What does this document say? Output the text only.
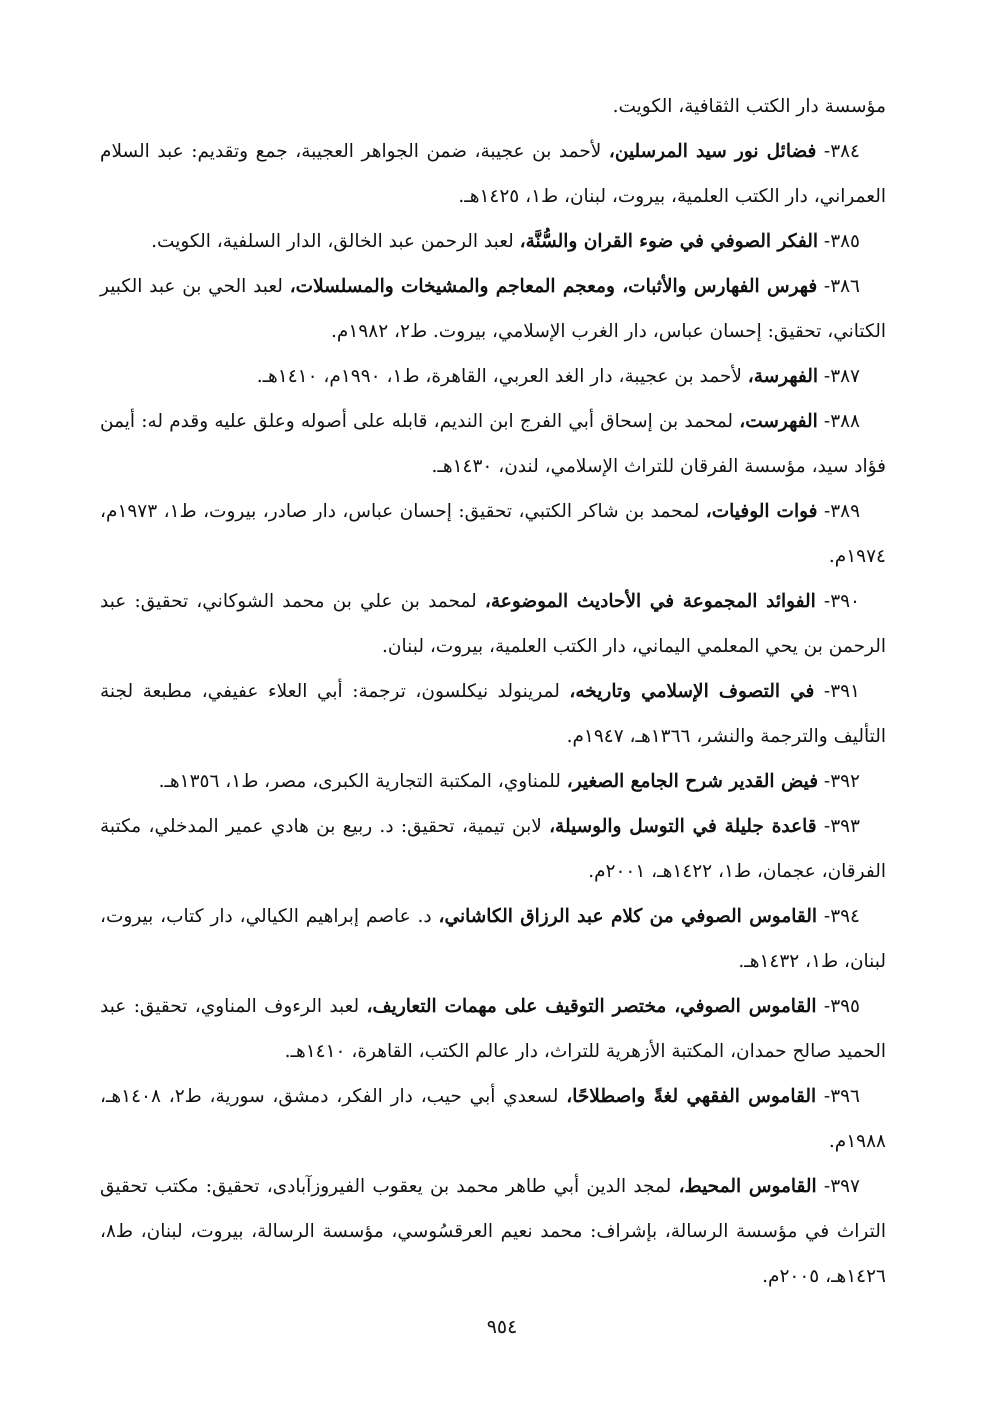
مؤسسة دار الكتب الثقافية، الكويت.

٣٨٤- فضائل نور سيد المرسلين، لأحمد بن عجيبة، ضمن الجواهر العجيبة، جمع وتقديم: عبد السلام العمراني، دار الكتب العلمية، بيروت، لبنان، ط١، ١٤٢٥هـ.

٣٨٥- الفكر الصوفي في ضوء القران والسُّنَّة، لعبد الرحمن عبد الخالق، الدار السلفية، الكويت.

٣٨٦- فهرس الفهارس والأثبات، ومعجم المعاجم والمشيخات والمسلسلات، لعبد الحي بن عبد الكبير الكتاني، تحقيق: إحسان عباس، دار الغرب الإسلامي، بيروت. ط٢، ١٩٨٢م.

٣٨٧- الفهرسة، لأحمد بن عجيبة، دار الغد العربي، القاهرة، ط١، ١٩٩٠م، ١٤١٠هـ.

٣٨٨- الفهرست، لمحمد بن إسحاق أبي الفرج ابن النديم، قابله على أصوله وعلق عليه وقدم له: أيمن فؤاد سيد، مؤسسة الفرقان للتراث الإسلامي، لندن، ١٤٣٠هـ.

٣٨٩- فوات الوفيات، لمحمد بن شاكر الكتبي، تحقيق: إحسان عباس، دار صادر، بيروت، ط١، ١٩٧٣م، ١٩٧٤م.

٣٩٠- الفوائد المجموعة في الأحاديث الموضوعة، لمحمد بن علي بن محمد الشوكاني، تحقيق: عبد الرحمن بن يحي المعلمي اليماني، دار الكتب العلمية، بيروت، لبنان.

٣٩١- في التصوف الإسلامي وتاريخه، لمرينولد نيكلسون، ترجمة: أبي العلاء عفيفي، مطبعة لجنة التأليف والترجمة والنشر، ١٣٦٦هـ، ١٩٤٧م.

٣٩٢- فيض القدير شرح الجامع الصغير، للمناوي، المكتبة التجارية الكبرى، مصر، ط١، ١٣٥٦هـ.

٣٩٣- قاعدة جليلة في التوسل والوسيلة، لابن تيمية، تحقيق: د. ربيع بن هادي عمير المدخلي، مكتبة الفرقان، عجمان، ط١، ١٤٢٢هـ، ٢٠٠١م.

٣٩٤- القاموس الصوفي من كلام عبد الرزاق الكاشاني، د. عاصم إبراهيم الكيالي، دار كتاب، بيروت، لبنان، ط١، ١٤٣٢هـ.

٣٩٥- القاموس الصوفي، مختصر التوقيف على مهمات التعاريف، لعبد الرءوف المناوي، تحقيق: عبد الحميد صالح حمدان، المكتبة الأزهرية للتراث، دار عالم الكتب، القاهرة، ١٤١٠هـ.

٣٩٦- القاموس الفقهي لغةً واصطلاحًا، لسعدي أبي حيب، دار الفكر، دمشق، سورية، ط٢، ١٤٠٨هـ، ١٩٨٨م.

٣٩٧- القاموس المحيط، لمجد الدين أبي طاهر محمد بن يعقوب الفيروزآبادى، تحقيق: مكتب تحقيق التراث في مؤسسة الرسالة، بإشراف: محمد نعيم العرقسُوسي، مؤسسة الرسالة، بيروت، لبنان، ط٨، ١٤٢٦هـ، ٢٠٠٥م.

٩٥٤
